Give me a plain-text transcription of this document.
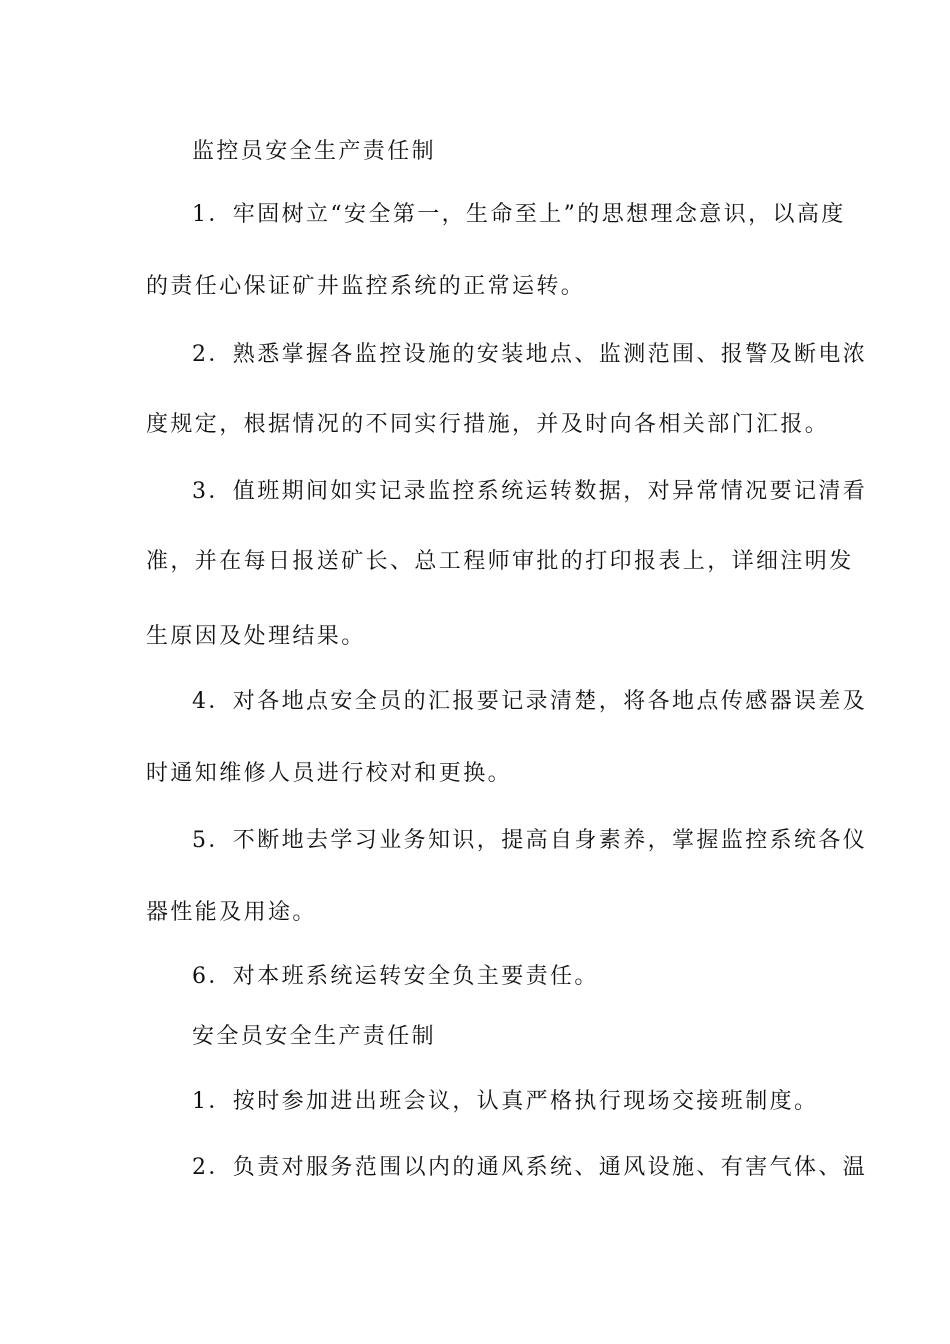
监控员安全生产责任制
1．牢固树立“安全第一，生命至上”的思想理念意识，以高度
的责任心保证矿井监控系统的正常运转。
2．熟悉掌握各监控设施的安装地点、监测范围、报警及断电浓
度规定，根据情况的不同实行措施，并及时向各相关部门汇报。
3．值班期间如实记录监控系统运转数据，对异常情况要记清看
准，并在每日报送矿长、总工程师审批的打印报表上，详细注明发
生原因及处理结果。
4．对各地点安全员的汇报要记录清楚，将各地点传感器误差及
时通知维修人员进行校对和更换。
5．不断地去学习业务知识，提高自身素养，掌握监控系统各仪
器性能及用途。
6．对本班系统运转安全负主要责任。
安全员安全生产责任制
1．按时参加进出班会议，认真严格执行现场交接班制度。
2．负责对服务范围以内的通风系统、通风设施、有害气体、温
